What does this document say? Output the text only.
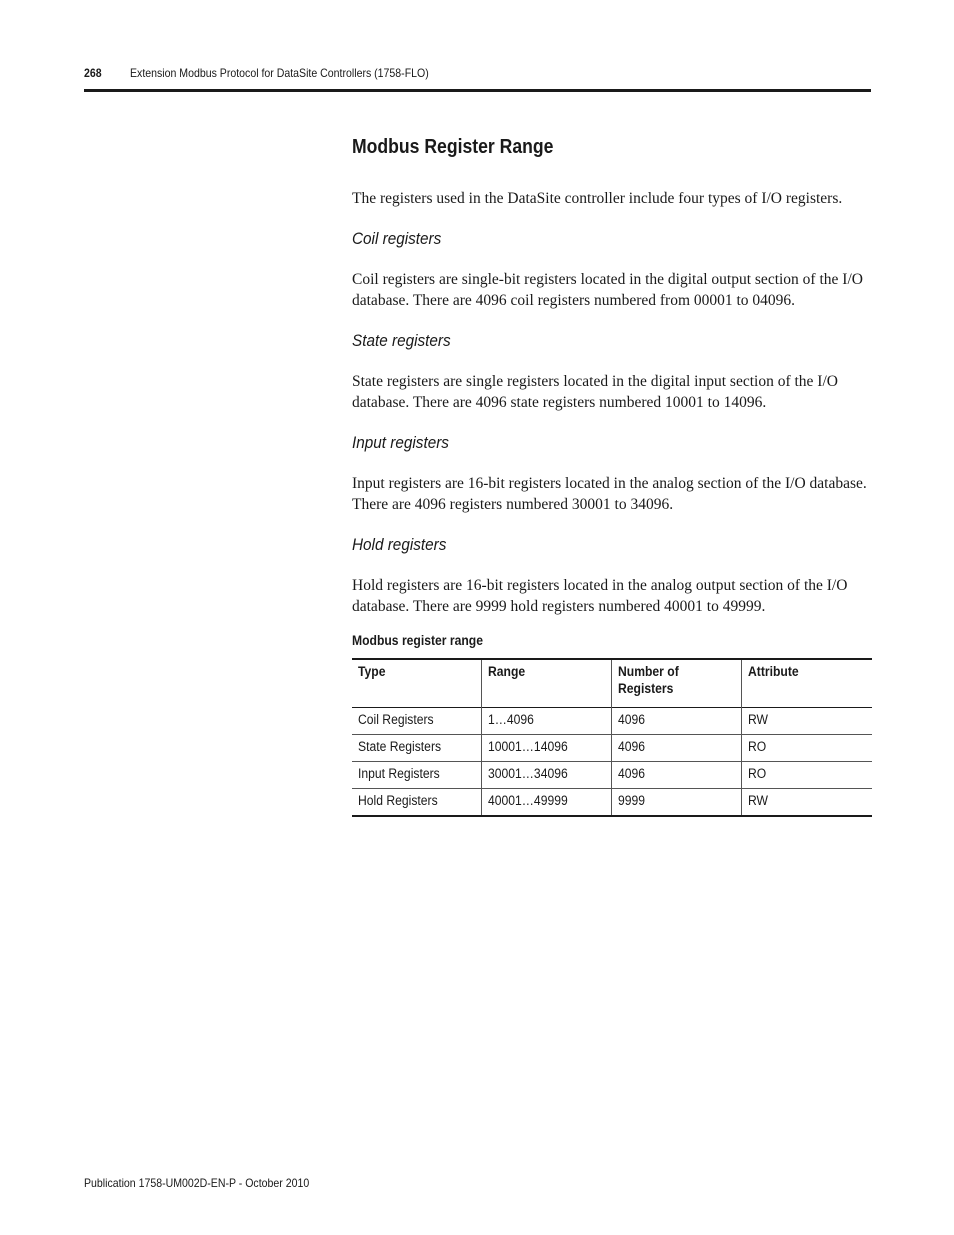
268 Extension Modbus Protocol for DataSite Controllers (1758-FLO)
Modbus Register Range

The registers used in the DataSite controller include four types of I/O registers.

Coil registers

Coil registers are single-bit registers located in the digital output section of the I/O database. There are 4096 coil registers numbered from 00001 to 04096.

State registers

State registers are single registers located in the digital input section of the I/O database. There are 4096 state registers numbered 10001 to 14096.

Input registers

Input registers are 16-bit registers located in the analog section of the I/O database. There are 4096 registers numbered 30001 to 34096.

Hold registers

Hold registers are 16-bit registers located in the analog output section of the I/O database. There are 9999 hold registers numbered 40001 to 49999.

Modbus register range
Type	Range	Number of Registers	Attribute
Coil Registers	1…4096	4096	RW
State Registers	10001…14096	4096	RO
Input Registers	30001…34096	4096	RO
Hold Registers	40001…49999	9999	RW
Publication 1758-UM002D-EN-P - October 2010
